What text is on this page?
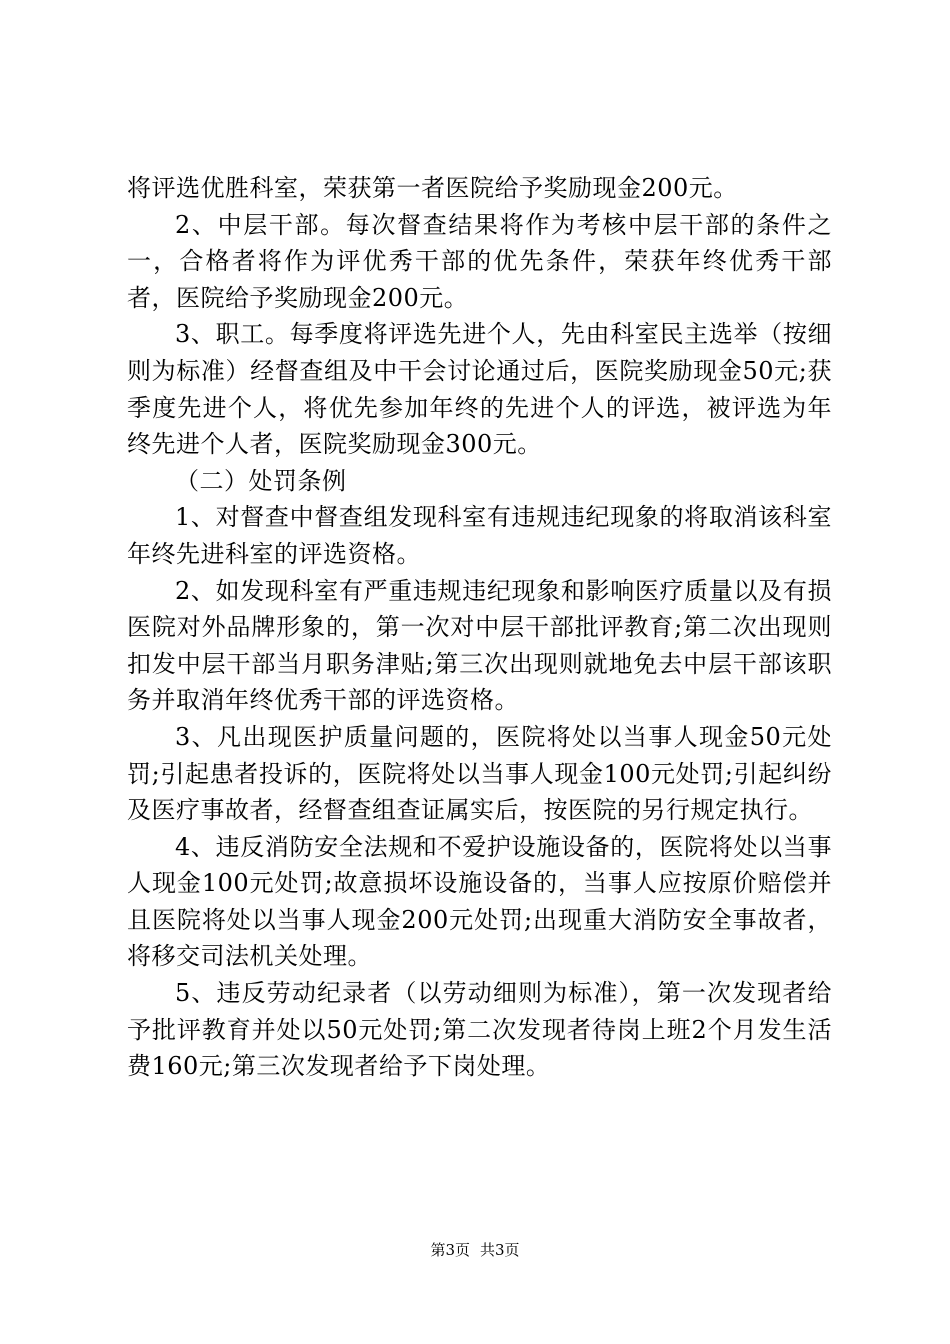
将评选优胜科室，荣获第一者医院给予奖励现金200元。

2、中层干部。每次督查结果将作为考核中层干部的条件之一，合格者将作为评优秀干部的优先条件，荣获年终优秀干部者，医院给予奖励现金200元。

3、职工。每季度将评选先进个人，先由科室民主选举（按细则为标准）经督查组及中干会讨论通过后，医院奖励现金50元;获季度先进个人，将优先参加年终的先进个人的评选，被评选为年终先进个人者，医院奖励现金300元。

（二）处罚条例

1、对督查中督查组发现科室有违规违纪现象的将取消该科室年终先进科室的评选资格。

2、如发现科室有严重违规违纪现象和影响医疗质量以及有损医院对外品牌形象的，第一次对中层干部批评教育;第二次出现则扣发中层干部当月职务津贴;第三次出现则就地免去中层干部该职务并取消年终优秀干部的评选资格。

3、凡出现医护质量问题的，医院将处以当事人现金50元处罚;引起患者投诉的，医院将处以当事人现金100元处罚;引起纠纷及医疗事故者，经督查组查证属实后，按医院的另行规定执行。

4、违反消防安全法规和不爱护设施设备的，医院将处以当事人现金100元处罚;故意损坏设施设备的，当事人应按原价赔偿并且医院将处以当事人现金200元处罚;出现重大消防安全事故者，将移交司法机关处理。

5、违反劳动纪录者（以劳动细则为标准），第一次发现者给予批评教育并处以50元处罚;第二次发现者待岗上班2个月发生活费160元;第三次发现者给予下岗处理。

第3页 共3页
